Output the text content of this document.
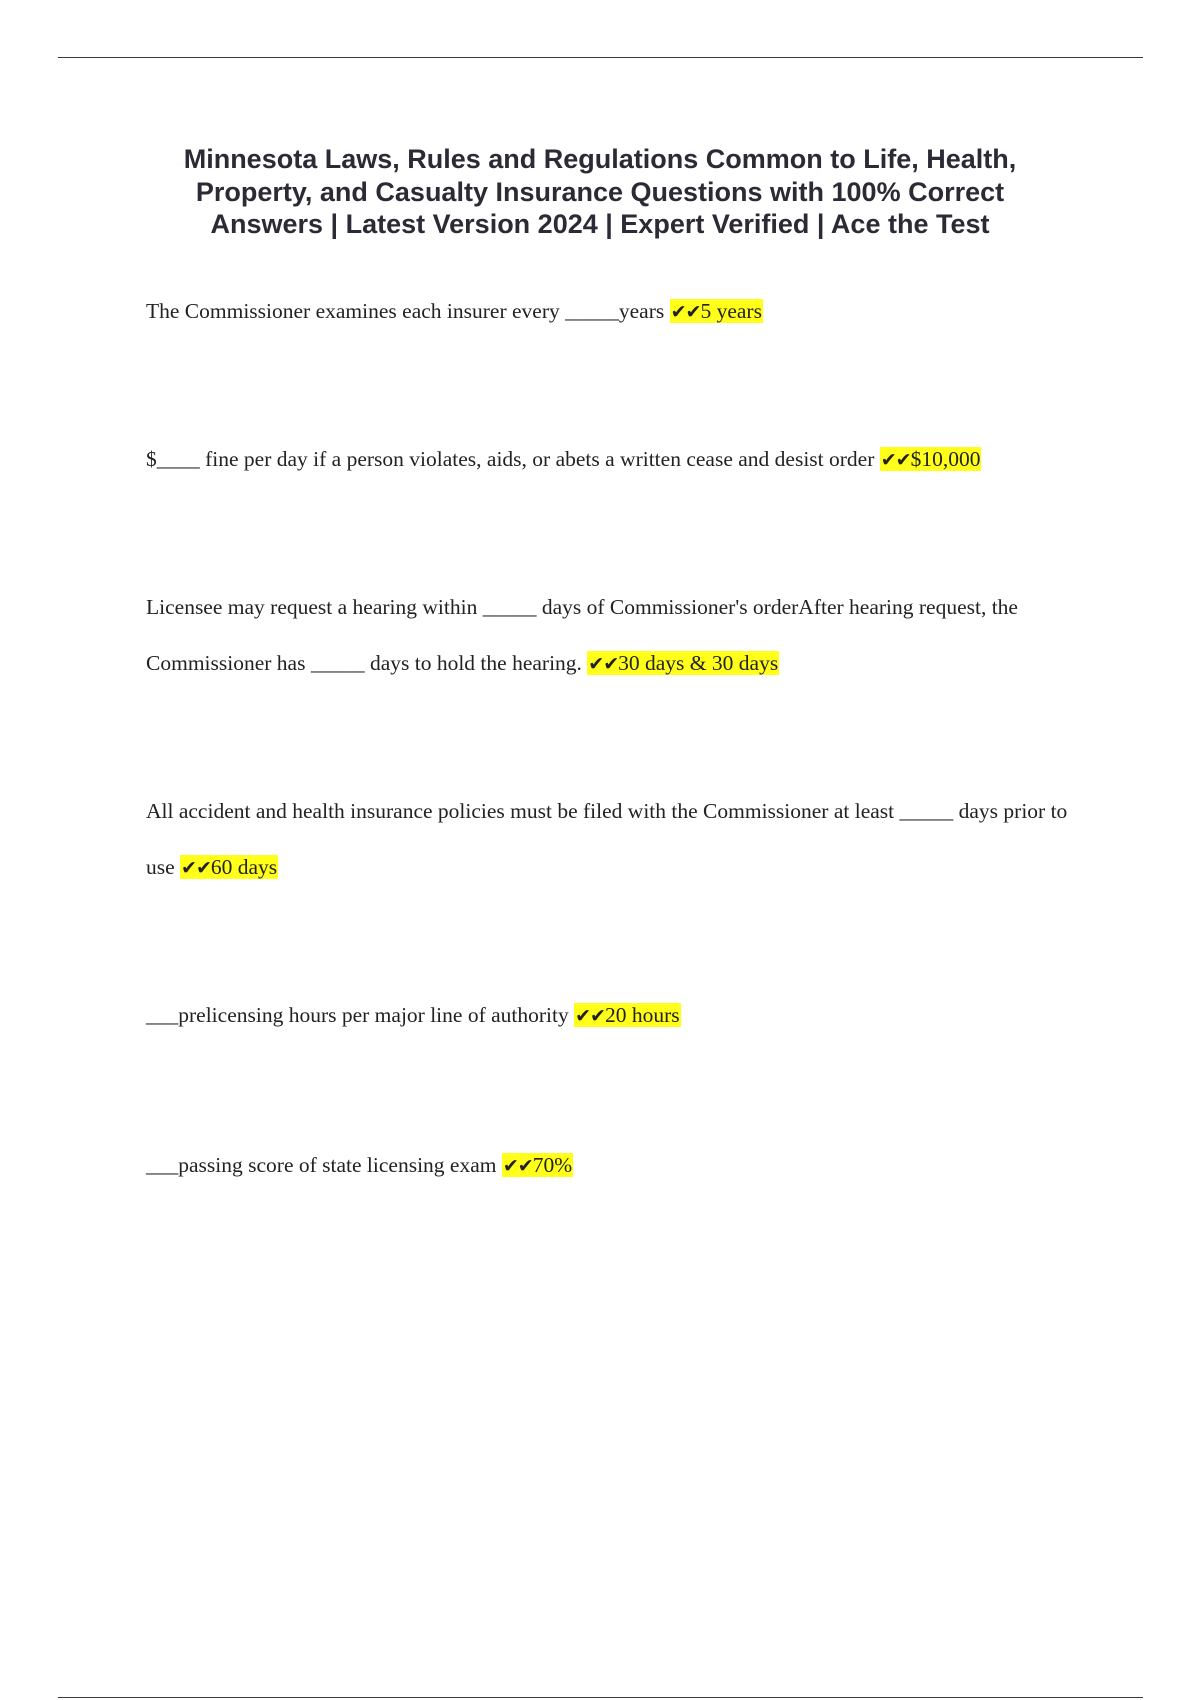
Minnesota Laws, Rules and Regulations Common to Life, Health, Property, and Casualty Insurance Questions with 100% Correct Answers | Latest Version 2024 | Expert Verified | Ace the Test

The Commissioner examines each insurer every _____years ✔✔5 years

$____ fine per day if a person violates, aids, or abets a written cease and desist order ✔✔$10,000

Licensee may request a hearing within _____ days of Commissioner's orderAfter hearing request, the Commissioner has _____ days to hold the hearing. ✔✔30 days & 30 days

All accident and health insurance policies must be filed with the Commissioner at least _____ days prior to use ✔✔60 days

___prelicensing hours per major line of authority ✔✔20 hours

___passing score of state licensing exam ✔✔70%
